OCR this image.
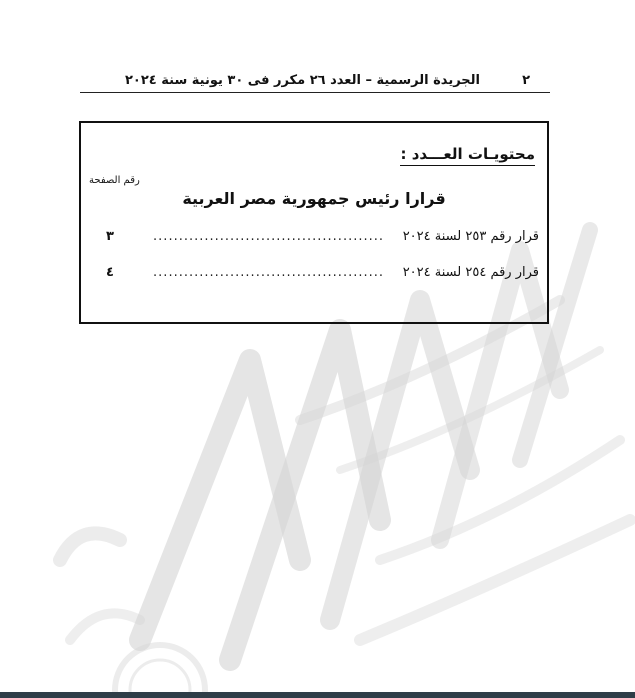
٢
الجريدة الرسمية – العدد ٢٦ مكرر فى ٣٠ يونية سنة ٢٠٢٤
محتويـات العـــدد :
رقم الصفحة
قرارا رئيس جمهورية مصر العربية
قرار رقم ٢٥٣ لسنة ٢٠٢٤
.....
٣
قرار رقم ٢٥٤ لسنة ٢٠٢٤
.....
٤
